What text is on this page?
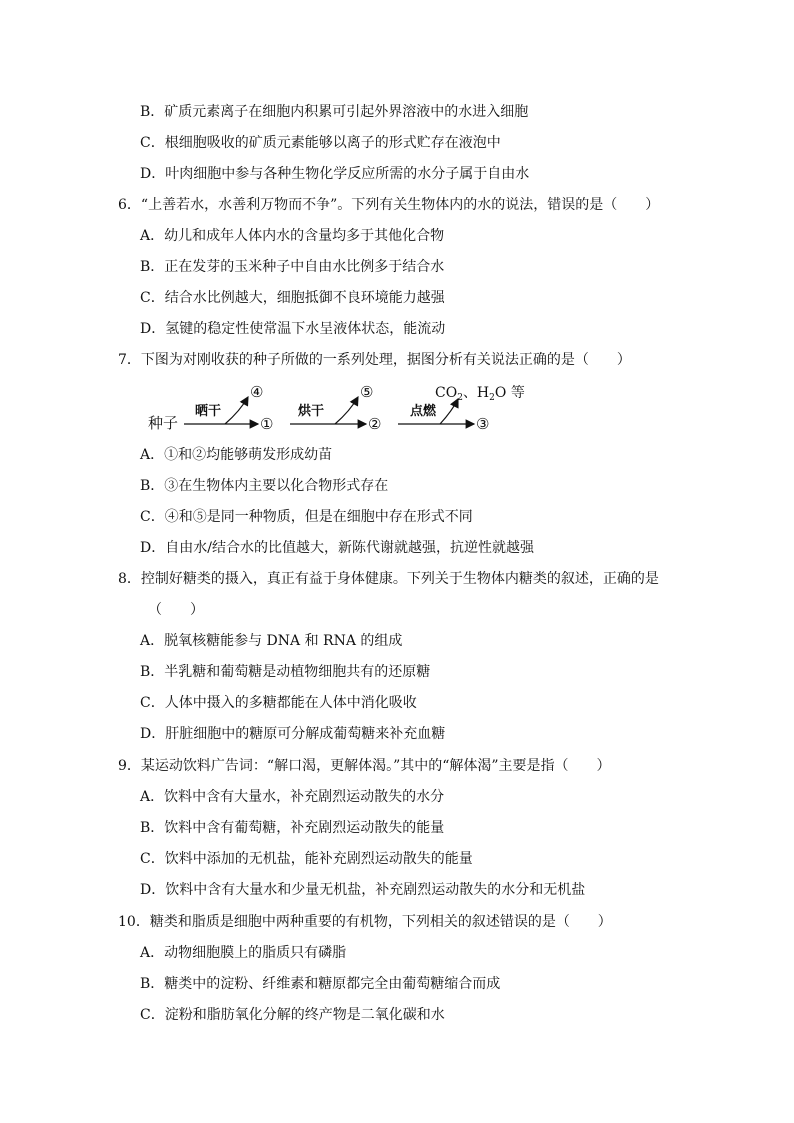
B．矿质元素离子在细胞内积累可引起外界溶液中的水进入细胞
C．根细胞吸收的矿质元素能够以离子的形式贮存在液泡中
D．叶肉细胞中参与各种生物化学反应所需的水分子属于自由水
6．“上善若水，水善利万物而不争”。下列有关生物体内的水的说法，错误的是（　　）
A．幼儿和成年人体内水的含量均多于其他化合物
B．正在发芽的玉米种子中自由水比例多于结合水
C．结合水比例越大，细胞抵御不良环境能力越强
D．氢键的稳定性使常温下水呈液体状态，能流动
7．下图为对刚收获的种子所做的一系列处理，据图分析有关说法正确的是（　　）
种子
晒干
④
①
烘干
⑤
②
点燃
$CO_2$、$H_2O$ 等
③
A．①和②均能够萌发形成幼苗
B．③在生物体内主要以化合物形式存在
C．④和⑤是同一种物质，但是在细胞中存在形式不同
D．自由水/结合水的比值越大，新陈代谢就越强，抗逆性就越强
8．控制好糖类的摄入，真正有益于身体健康。下列关于生物体内糖类的叙述，正确的是
（　　）
A．脱氧核糖能参与 DNA 和 RNA 的组成
B．半乳糖和葡萄糖是动植物细胞共有的还原糖
C．人体中摄入的多糖都能在人体中消化吸收
D．肝脏细胞中的糖原可分解成葡萄糖来补充血糖
9．某运动饮料广告词：“解口渴，更解体渴。”其中的“解体渴”主要是指（　　）
A．饮料中含有大量水，补充剧烈运动散失的水分
B．饮料中含有葡萄糖，补充剧烈运动散失的能量
C．饮料中添加的无机盐，能补充剧烈运动散失的能量
D．饮料中含有大量水和少量无机盐，补充剧烈运动散失的水分和无机盐
10．糖类和脂质是细胞中两种重要的有机物，下列相关的叙述错误的是（　　）
A．动物细胞膜上的脂质只有磷脂
B．糖类中的淀粉、纤维素和糖原都完全由葡萄糖缩合而成
C．淀粉和脂肪氧化分解的终产物是二氧化碳和水
